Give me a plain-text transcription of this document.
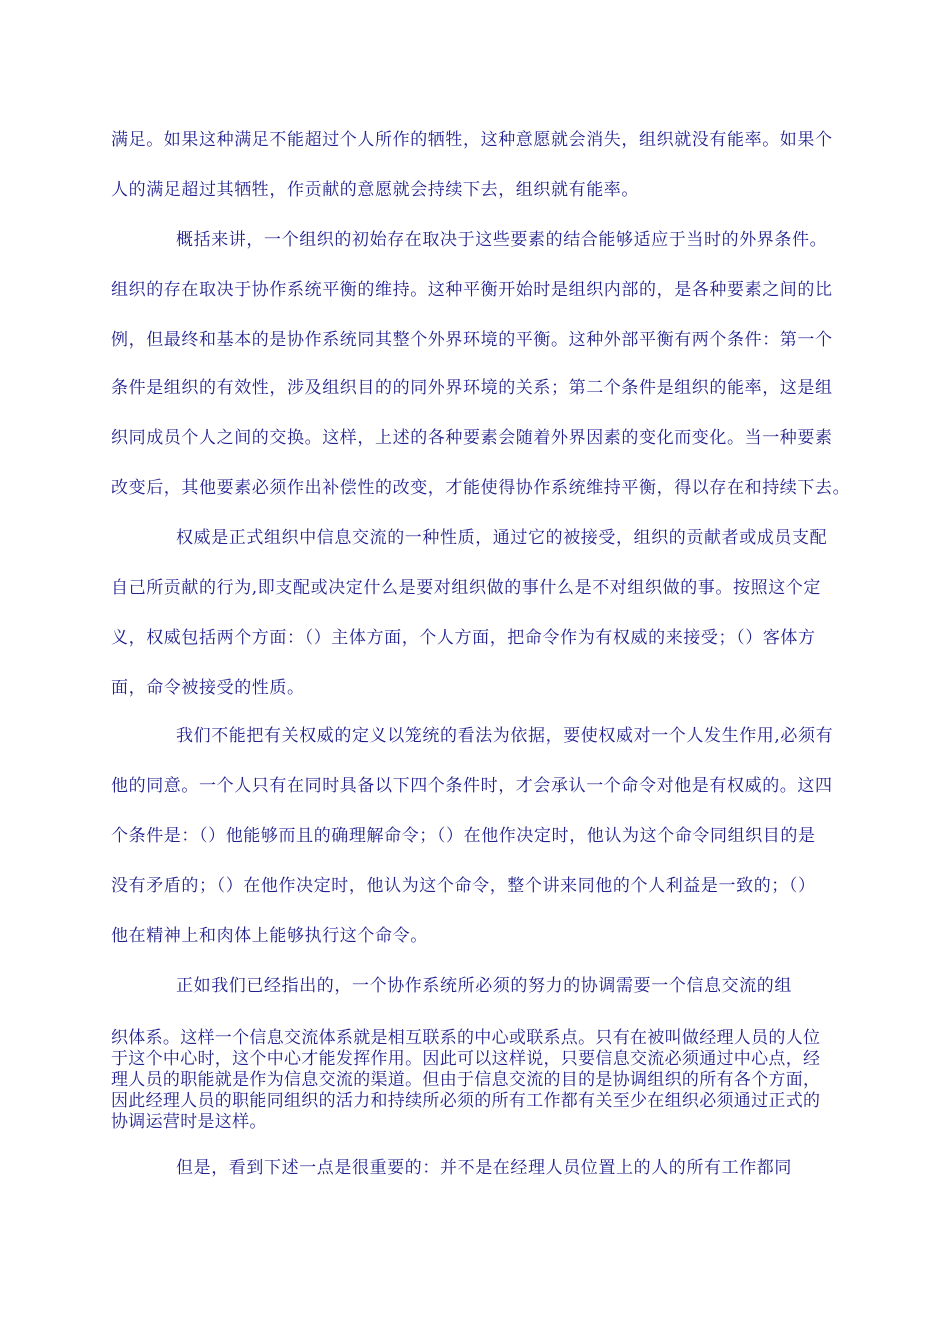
满足。如果这种满足不能超过个人所作的牺牲，这种意愿就会消失，组织就没有能率。如果个
人的满足超过其牺牲，作贡献的意愿就会持续下去，组织就有能率。
概括来讲，一个组织的初始存在取决于这些要素的结合能够适应于当时的外界条件。
组织的存在取决于协作系统平衡的维持。这种平衡开始时是组织内部的，是各种要素之间的比
例，但最终和基本的是协作系统同其整个外界环境的平衡。这种外部平衡有两个条件：第一个
条件是组织的有效性，涉及组织目的的同外界环境的关系；第二个条件是组织的能率，这是组
织同成员个人之间的交换。这样，上述的各种要素会随着外界因素的变化而变化。当一种要素
改变后，其他要素必须作出补偿性的改变，才能使得协作系统维持平衡，得以存在和持续下去。
权威是正式组织中信息交流的一种性质，通过它的被接受，组织的贡献者或成员支配
自己所贡献的行为,即支配或决定什么是要对组织做的事什么是不对组织做的事。按照这个定
义，权威包括两个方面：（）主体方面，个人方面，把命令作为有权威的来接受；（）客体方
面，命令被接受的性质。
我们不能把有关权威的定义以笼统的看法为依据，要使权威对一个人发生作用,必须有
他的同意。一个人只有在同时具备以下四个条件时，才会承认一个命令对他是有权威的。这四
个条件是：（）他能够而且的确理解命令；（）在他作决定时，他认为这个命令同组织目的是
没有矛盾的；（）在他作决定时，他认为这个命令，整个讲来同他的个人利益是一致的；（）
他在精神上和肉体上能够执行这个命令。
正如我们已经指出的，一个协作系统所必须的努力的协调需要一个信息交流的组
织体系。这样一个信息交流体系就是相互联系的中心或联系点。只有在被叫做经理人员的人位
于这个中心时，这个中心才能发挥作用。因此可以这样说，只要信息交流必须通过中心点，经
理人员的职能就是作为信息交流的渠道。但由于信息交流的目的是协调组织的所有各个方面，
因此经理人员的职能同组织的活力和持续所必须的所有工作都有关至少在组织必须通过正式的
协调运营时是这样。
但是，看到下述一点是很重要的：并不是在经理人员位置上的人的所有工作都同
